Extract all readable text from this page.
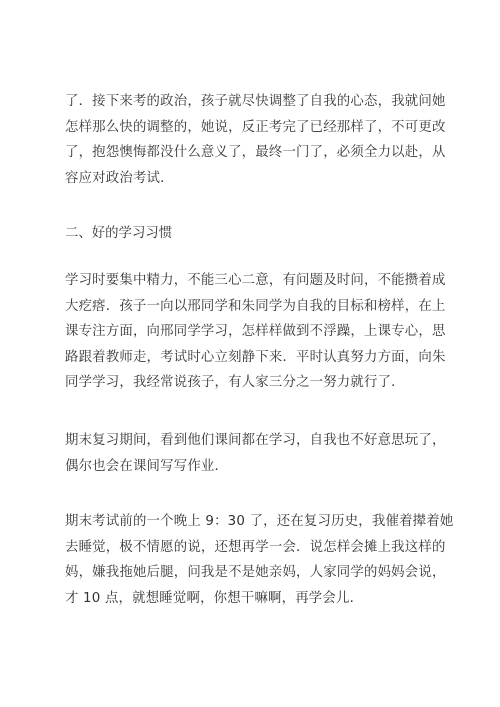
了．接下来考的政治，孩子就尽快调整了自我的心态，我就问她
怎样那么快的调整的，她说，反正考完了已经那样了，不可更改
了，抱怨懊悔都没什么意义了，最终一门了，必须全力以赴，从
容应对政治考试．
二、好的学习习惯
学习时要集中精力，不能三心二意，有问题及时问，不能攒着成
大疙瘩．孩子一向以邢同学和朱同学为自我的目标和榜样，在上
课专注方面，向邢同学学习，怎样样做到不浮躁，上课专心，思
路跟着教师走，考试时心立刻静下来．平时认真努力方面，向朱
同学学习，我经常说孩子，有人家三分之一努力就行了．
期末复习期间，看到他们课间都在学习，自我也不好意思玩了，
偶尔也会在课间写写作业．
期末考试前的一个晚上 9：30 了，还在复习历史，我催着撵着她
去睡觉，极不情愿的说，还想再学一会．说怎样会摊上我这样的
妈，嫌我拖她后腿，问我是不是她亲妈，人家同学的妈妈会说，
才 10 点，就想睡觉啊，你想干嘛啊，再学会儿．
